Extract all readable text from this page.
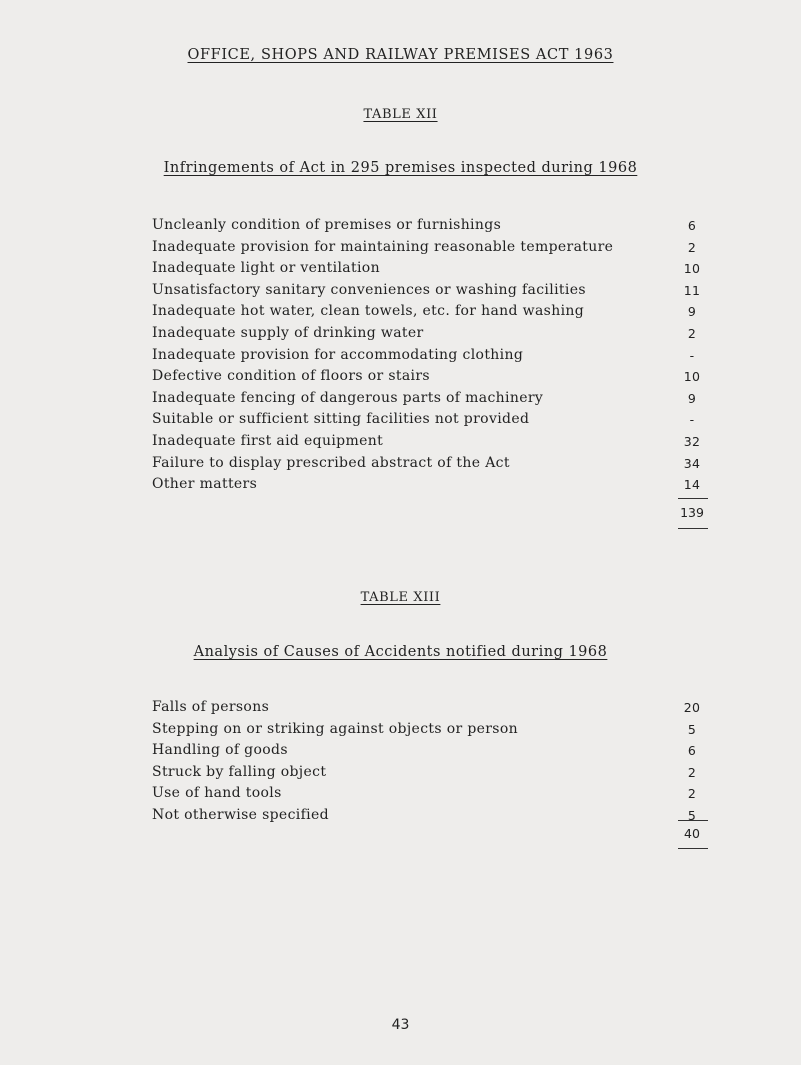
OFFICE, SHOPS AND RAILWAY PREMISES ACT 1963
TABLE XII
Infringements of Act in 295 premises inspected during 1968
Uncleanly condition of premises or furnishings	6
Inadequate provision for maintaining reasonable temperature	2
Inadequate light or ventilation	10
Unsatisfactory sanitary conveniences or washing facilities	11
Inadequate hot water, clean towels, etc. for hand washing	9
Inadequate supply of drinking water	2
Inadequate provision for accommodating clothing	-
Defective condition of floors or stairs	10
Inadequate fencing of dangerous parts of machinery	9
Suitable or sufficient sitting facilities not provided	-
Inadequate first aid equipment	32
Failure to display prescribed abstract of the Act	34
Other matters	14
139
TABLE XIII
Analysis of Causes of Accidents notified during 1968
Falls of persons	20
Stepping on or striking against objects or person	5
Handling of goods	6
Struck by falling object	2
Use of hand tools	2
Not otherwise specified	5
40
43
